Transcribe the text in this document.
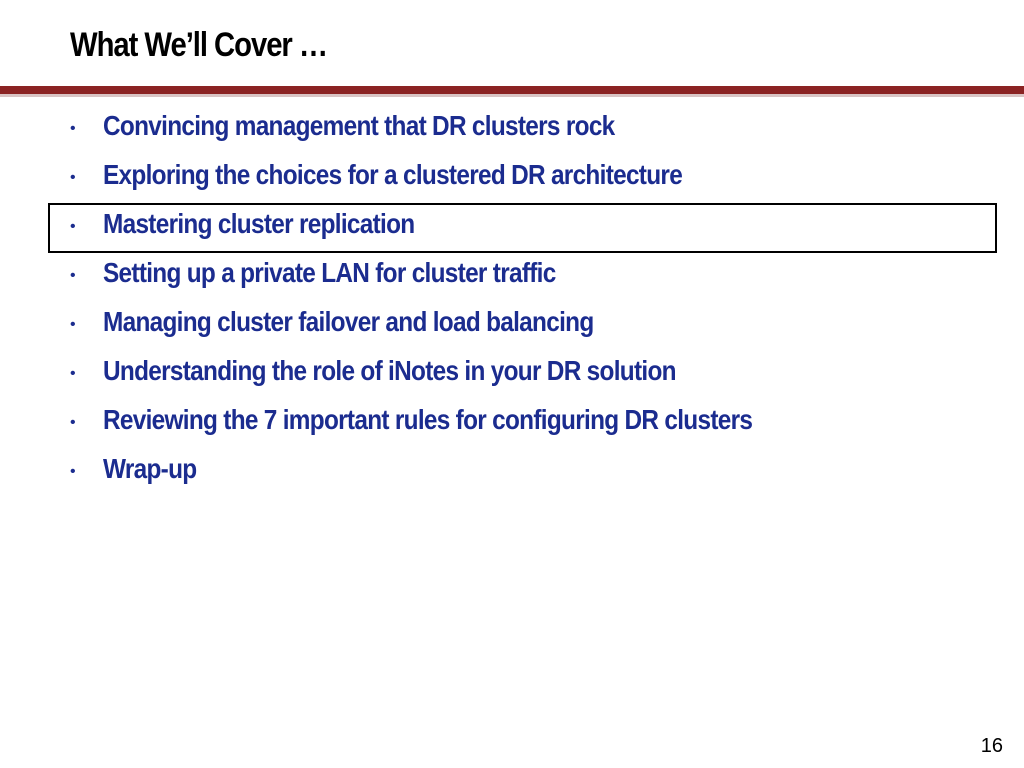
What We’ll Cover …
• Convincing management that DR clusters rock
• Exploring the choices for a clustered DR architecture
• Mastering cluster replication
• Setting up a private LAN for cluster traffic
• Managing cluster failover and load balancing
• Understanding the role of iNotes in your DR solution
• Reviewing the 7 important rules for configuring DR clusters
• Wrap-up
16
